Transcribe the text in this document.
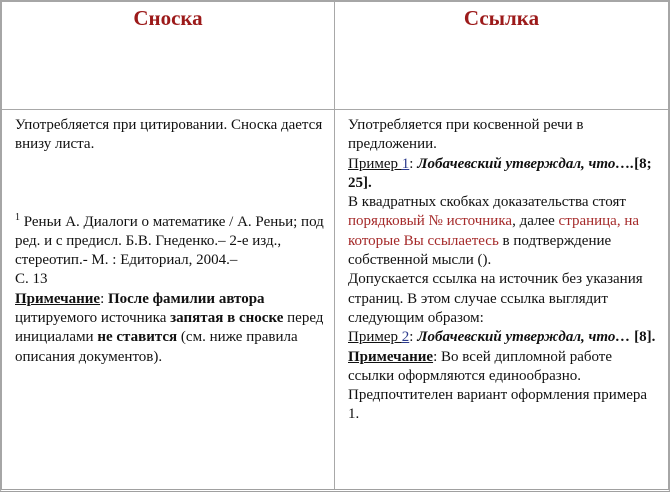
Сноска	Ссылка
Употребляется при цитировании. Сноска дается внизу листа.
$^1$ Реньи А. Диалоги о математике / А. Реньи; под ред. и с предисл. Б.В. Гнеденко.– 2-е изд., стереотип.- М. : Едиториал, 2004.–
С. 13
Примечание: После фамилии автора цитируемого источника запятая в сноске перед инициалами не ставится (см. ниже правила описания документов).
Употребляется при косвенной речи в предложении.
Пример 1: Лобачевский утверждал, что….[8; 25].
В квадратных скобках доказательства стоят порядковый № источника, далее страница, на которые Вы ссылаетесь в подтверждение собственной мысли ().
Допускается ссылка на источник без указания страниц. В этом случае ссылка выглядит следующим образом:
Пример 2: Лобачевский утверждал, что… [8].
Примечание: Во всей дипломной работе ссылки оформляются единообразно. Предпочтителен вариант оформления примера 1.
